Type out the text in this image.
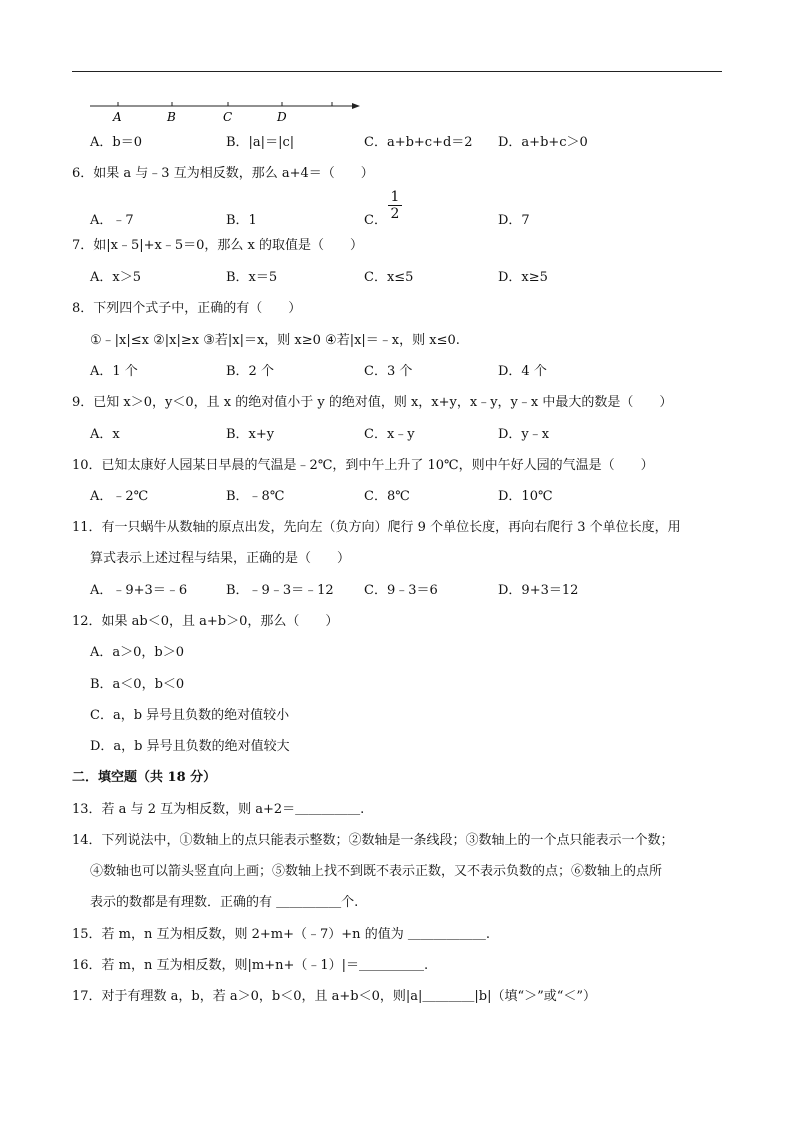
A	B	C	D
A．b＝0	B．|a|＝|c|	C．a+b+c+d＝2 D．a+b+c＞0
6．如果 a 与﹣3 互为相反数，那么 a+4＝（　　）
1
2
A．﹣7	B．1	C．	D．7
7．如|x﹣5|+x﹣5＝0，那么 x 的取值是（　　）
A．x＞5	B．x＝5	C．x≤5	D．x≥5
8．下列四个式子中，正确的有（　　）
①﹣|x|≤x ②|x|≥x ③若|x|＝x，则 x≥0 ④若|x|＝﹣x，则 x≤0.
A．1 个	B．2 个	C．3 个	D．4 个
9．已知 x＞0，y＜0，且 x 的绝对值小于 y 的绝对值，则 x，x+y，x﹣y，y﹣x 中最大的数是（　　）
A．x	B．x+y	C．x﹣y	D．y﹣x
10．已知太康好人园某日早晨的气温是﹣2℃，到中午上升了 10℃，则中午好人园的气温是（　　）
A．﹣2℃	B．﹣8℃	C．8℃	D．10℃
11．有一只蜗牛从数轴的原点出发，先向左（负方向）爬行 9 个单位长度，再向右爬行 3 个单位长度，用
算式表示上述过程与结果，正确的是（　　）
A．﹣9+3＝﹣6	B．﹣9﹣3＝﹣12 C．9﹣3＝6	D．9+3＝12
12．如果 ab＜0，且 a+b＞0，那么（　　）
A．a＞0，b＞0
B．a＜0，b＜0
C．a，b 异号且负数的绝对值较小
D．a，b 异号且负数的绝对值较大
二．填空题（共 18 分）
13．若 a 与 2 互为相反数，则 a+2＝＿＿＿＿＿.
14．下列说法中，①数轴上的点只能表示整数；②数轴是一条线段；③数轴上的一个点只能表示一个数；
④数轴也可以箭头竖直向上画；⑤数轴上找不到既不表示正数，又不表示负数的点；⑥数轴上的点所
表示的数都是有理数．正确的有 ＿＿＿＿＿个.
15．若 m，n 互为相反数，则 2+m+（﹣7）+n 的值为 ＿＿＿＿＿＿.
16．若 m，n 互为相反数，则|m+n+（﹣1）|＝＿＿＿＿＿.
17．对于有理数 a，b，若 a＞0，b＜0，且 a+b＜0，则|a|＿＿＿＿|b|（填“＞”或“＜”）
